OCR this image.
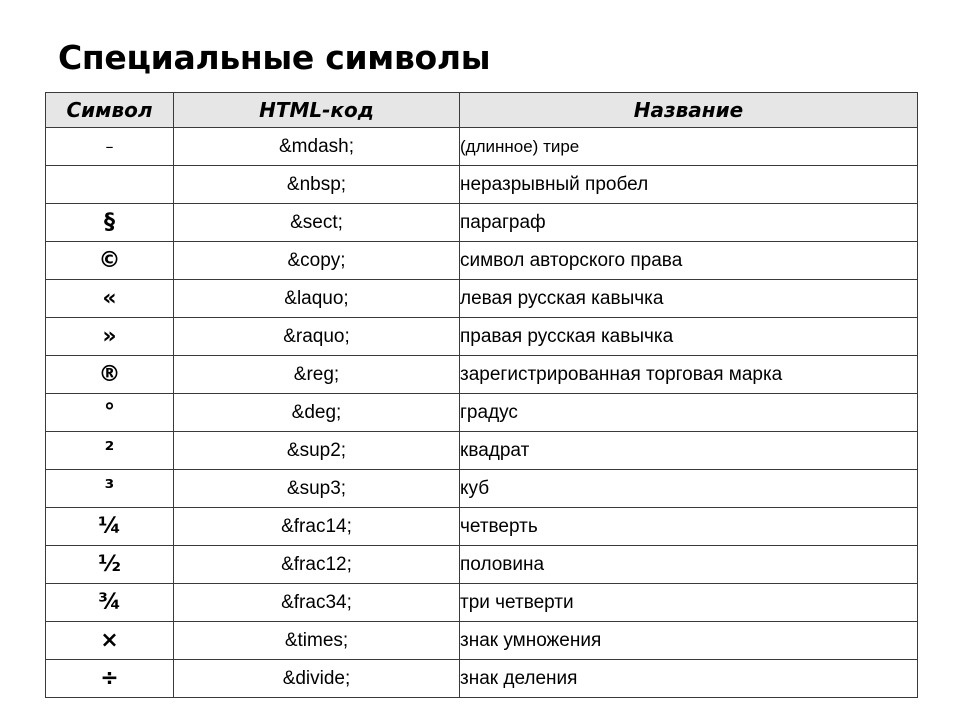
Специальные символы
Символ	HTML-код	Название
–	&mdash;	(длинное) тире
	&nbsp;	неразрывный пробел
§	&sect;	параграф
©	&copy;	символ авторского права
«	&laquo;	левая русская кавычка
»	&raquo;	правая русская кавычка
®	&reg;	зарегистрированная торговая марка
°	&deg;	градус
²	&sup2;	квадрат
³	&sup3;	куб
¼	&frac14;	четверть
½	&frac12;	половина
¾	&frac34;	три четверти
×	&times;	знак умножения
÷	&divide;	знак деления
